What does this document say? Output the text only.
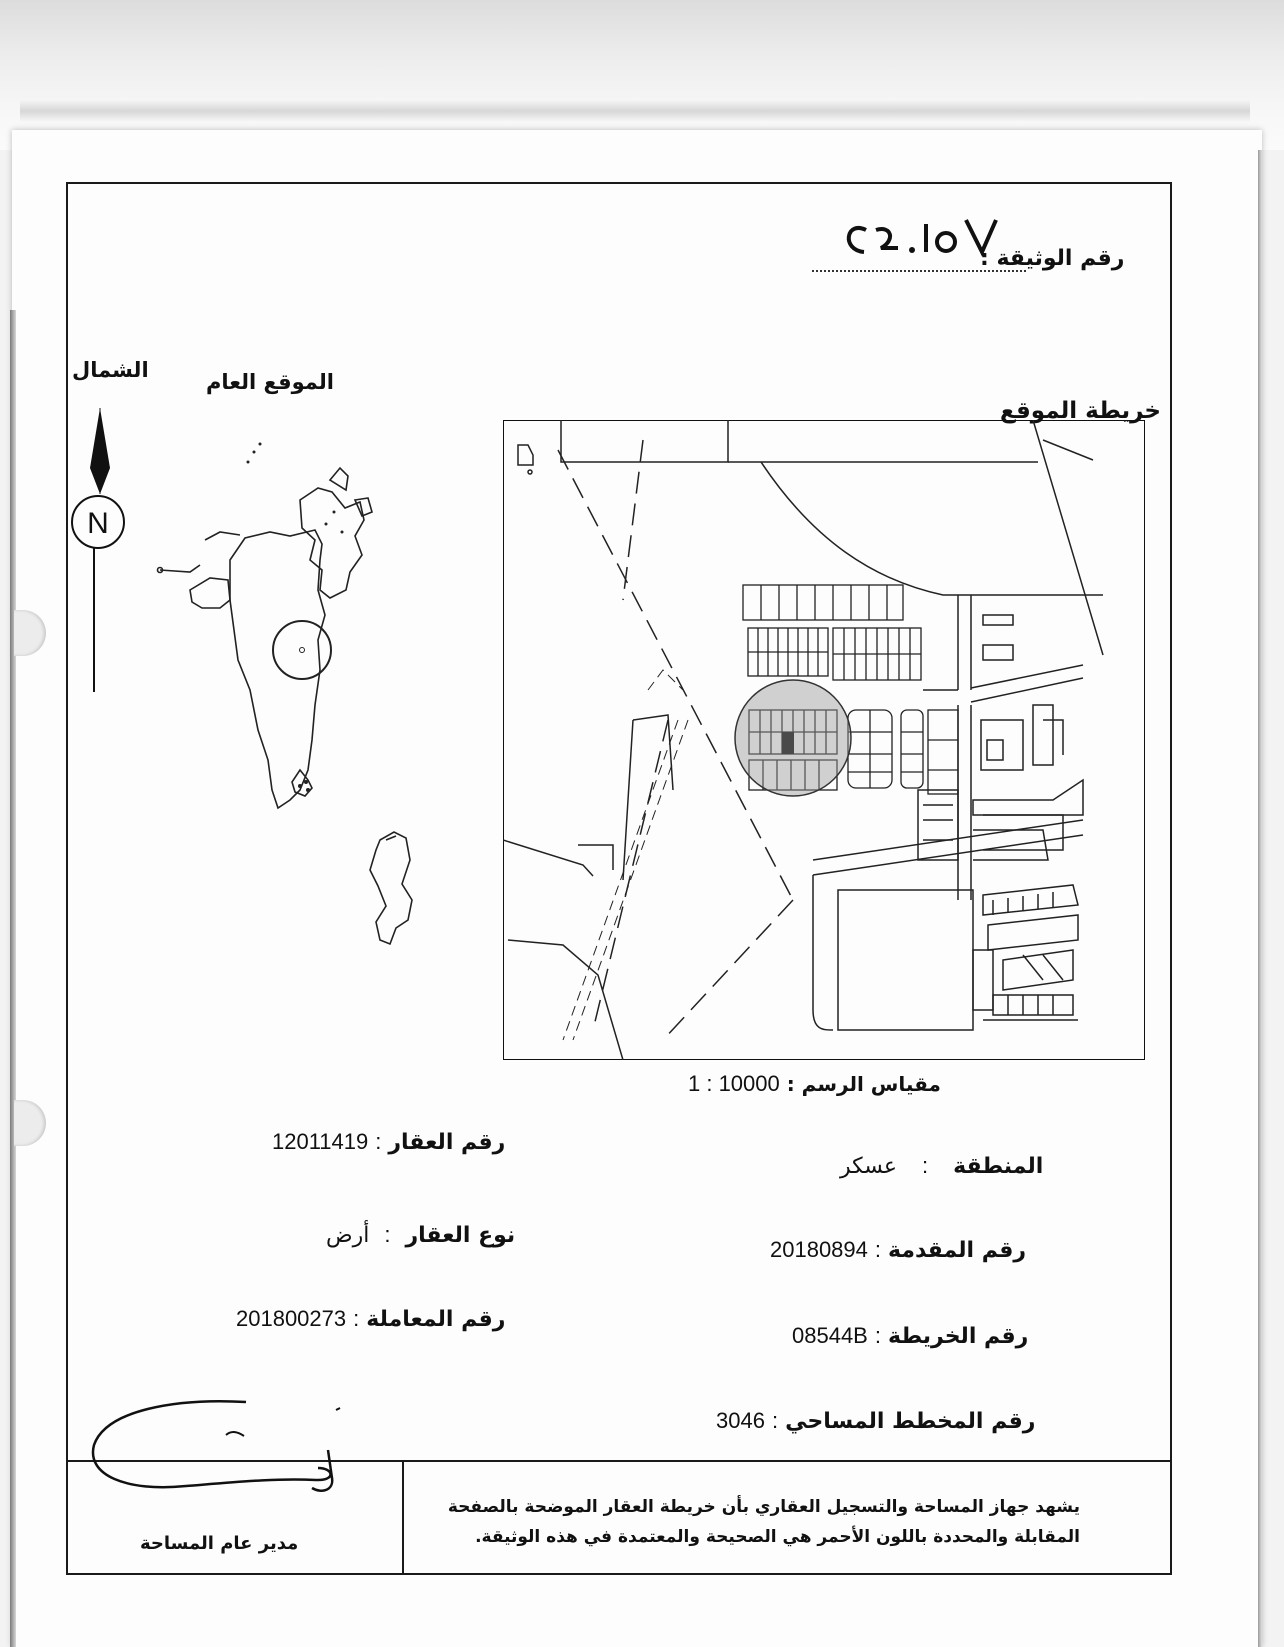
رقم الوثيقة :
الشمال	الموقع العام
خريطة الموقع
N
مقياس الرسم : 1 : 10000
رقم العقار : 12011419
المنطقة : عسكر
نوع العقار : أرض
رقم المقدمة : 20180894
رقم المعاملة : 201800273
رقم الخريطة : 08544B
رقم المخطط المساحي : 3046
يشهد جهاز المساحة والتسجيل العقاري بأن خريطة العقار الموضحة بالصفحة
المقابلة والمحددة باللون الأحمر هي الصحيحة والمعتمدة في هذه الوثيقة.
مدير عام المساحة
